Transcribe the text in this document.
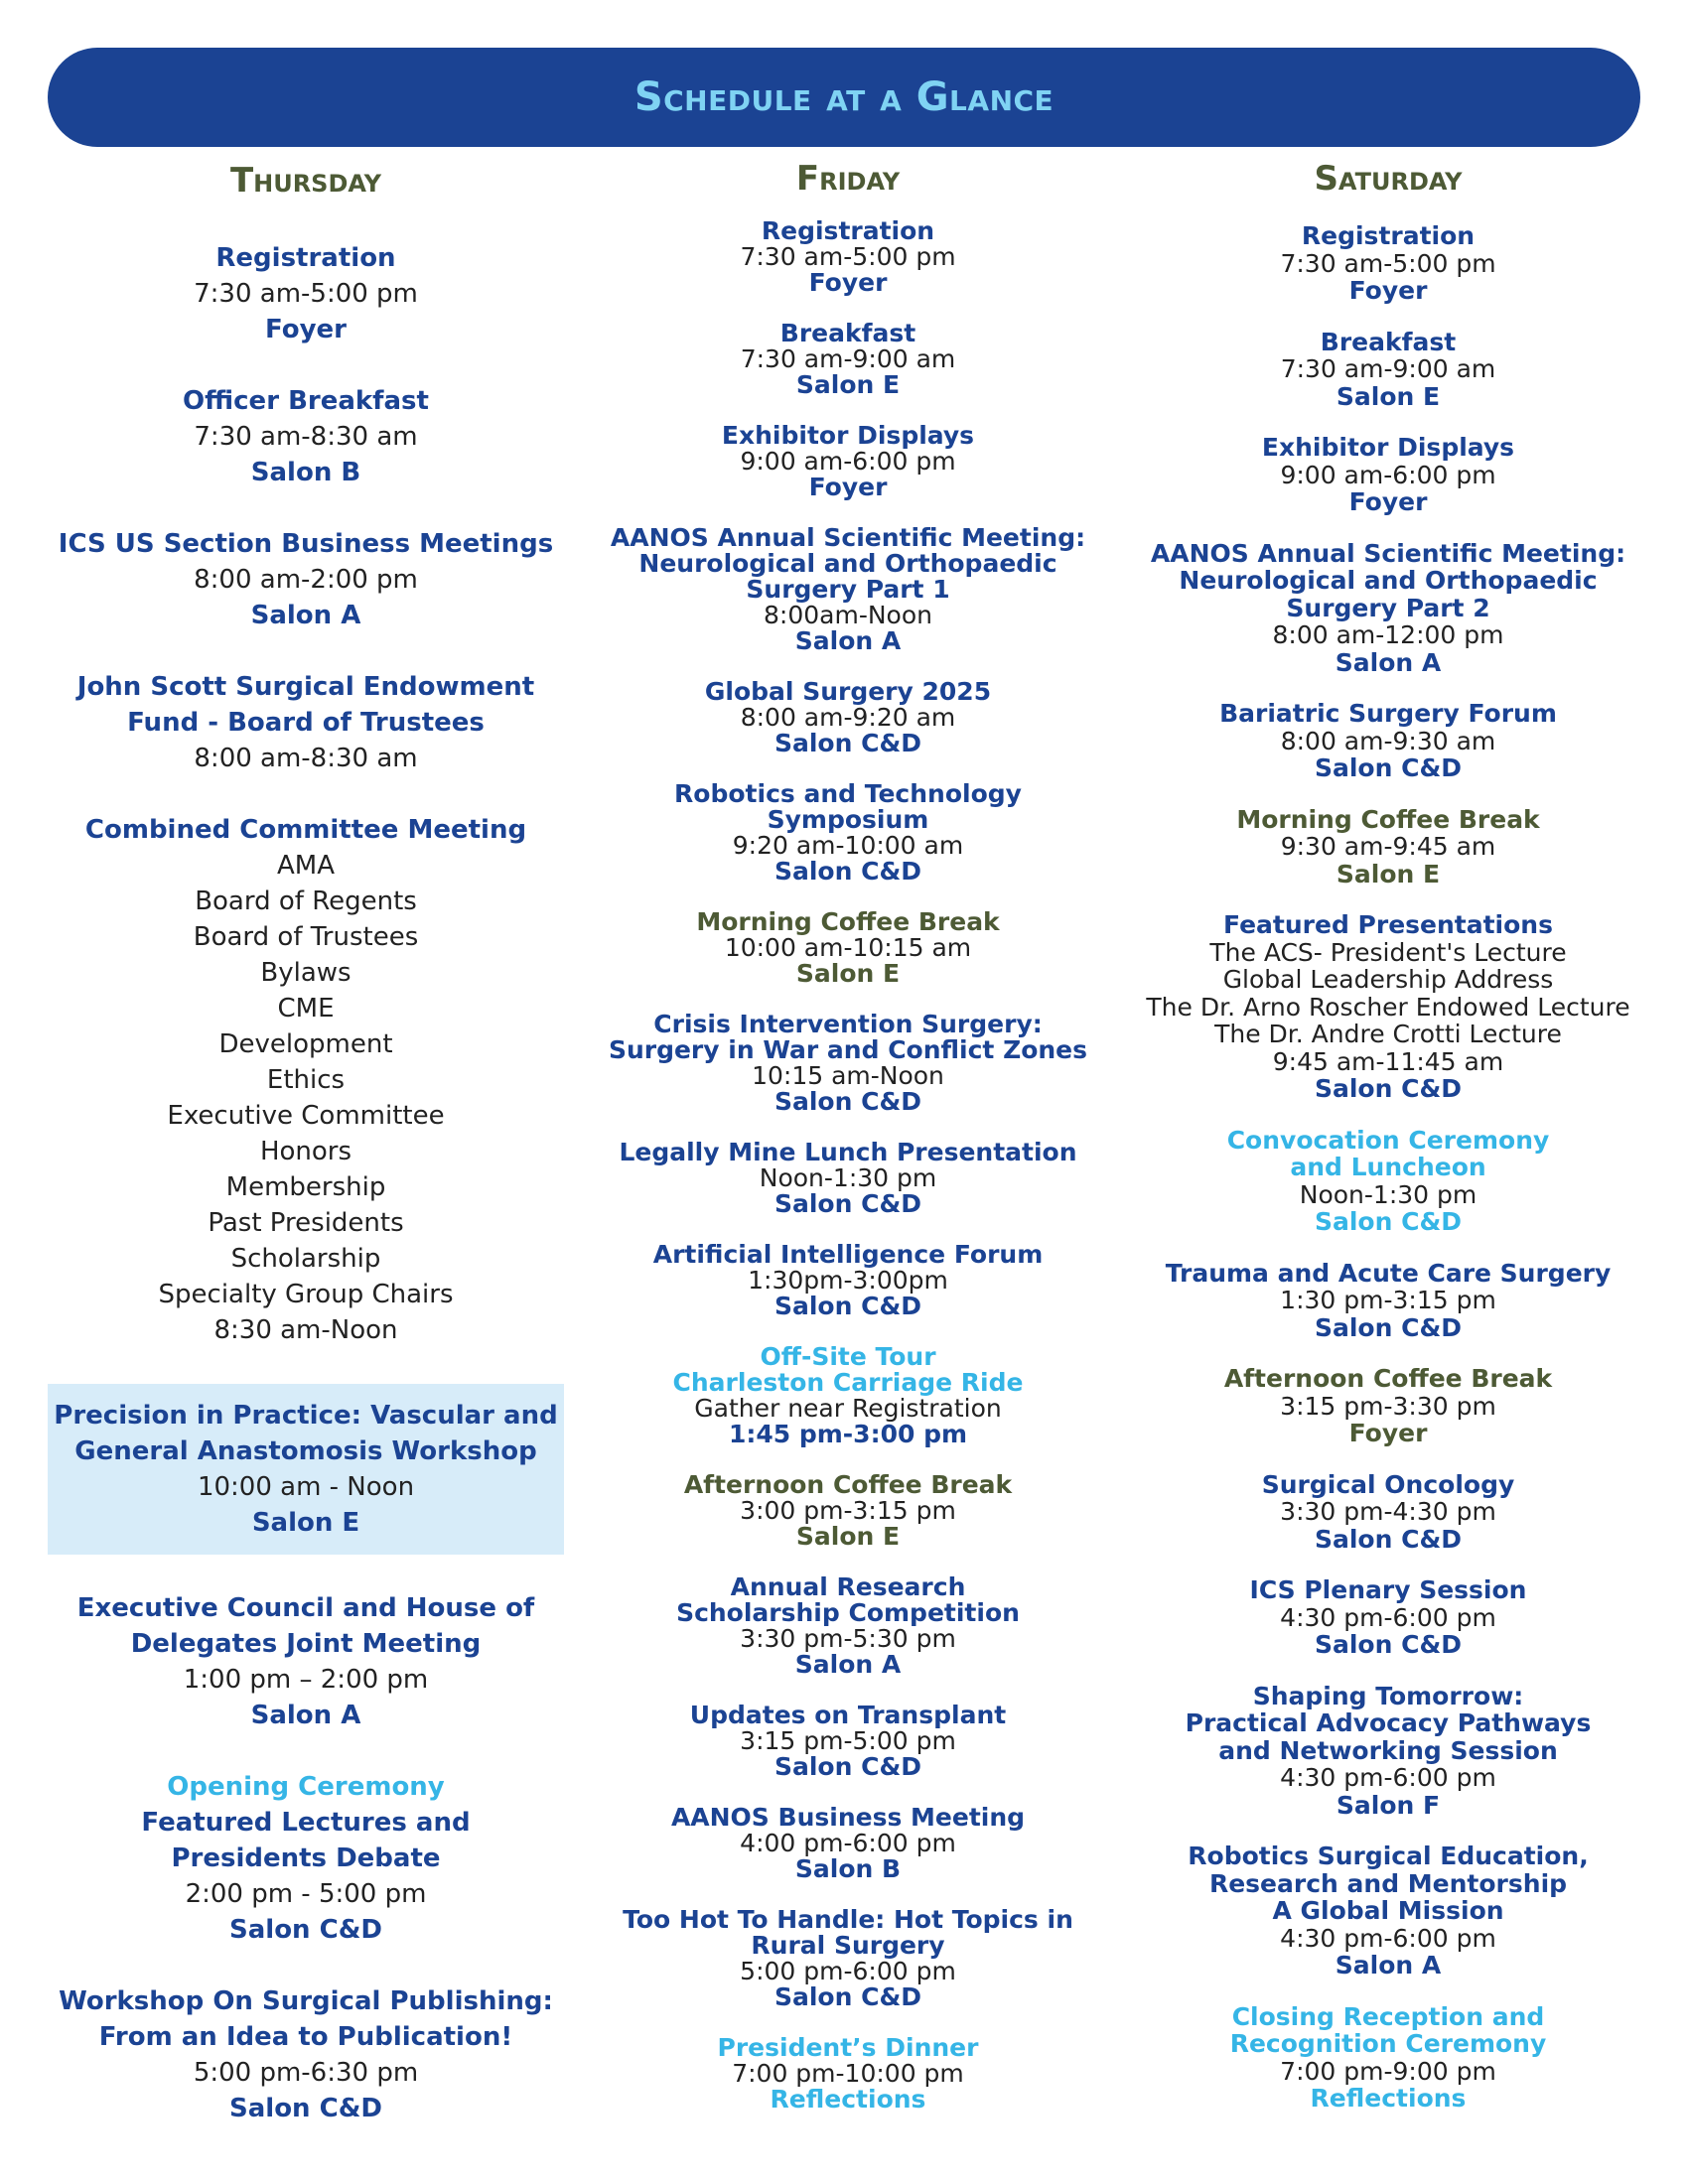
Schedule at a Glance
Thursday
Registration
7:30 am-5:00 pm
Foyer
Officer Breakfast
7:30 am-8:30 am
Salon B
ICS US Section Business Meetings
8:00 am-2:00 pm
Salon A
John Scott Surgical Endowment
Fund - Board of Trustees
8:00 am-8:30 am
Combined Committee Meeting
AMA
Board of Regents
Board of Trustees
Bylaws
CME
Development
Ethics
Executive Committee
Honors
Membership
Past Presidents
Scholarship
Specialty Group Chairs
8:30 am-Noon
Precision in Practice: Vascular and
General Anastomosis Workshop
10:00 am - Noon
Salon E
Executive Council and House of
Delegates Joint Meeting
1:00 pm – 2:00 pm
Salon A
Opening Ceremony
Featured Lectures and
Presidents Debate
2:00 pm - 5:00 pm
Salon C&D
Workshop On Surgical Publishing:
From an Idea to Publication!
5:00 pm-6:30 pm
Salon C&D
Friday
Registration
7:30 am-5:00 pm
Foyer
Breakfast
7:30 am-9:00 am
Salon E
Exhibitor Displays
9:00 am-6:00 pm
Foyer
AANOS Annual Scientific Meeting:
Neurological and Orthopaedic
Surgery Part 1
8:00am-Noon
Salon A
Global Surgery 2025
8:00 am-9:20 am
Salon C&D
Robotics and Technology
Symposium
9:20 am-10:00 am
Salon C&D
Morning Coffee Break
10:00 am-10:15 am
Salon E
Crisis Intervention Surgery:
Surgery in War and Conflict Zones
10:15 am-Noon
Salon C&D
Legally Mine Lunch Presentation
Noon-1:30 pm
Salon C&D
Artificial Intelligence Forum
1:30pm-3:00pm
Salon C&D
Off-Site Tour
Charleston Carriage Ride
Gather near Registration
1:45 pm-3:00 pm
Afternoon Coffee Break
3:00 pm-3:15 pm
Salon E
Annual Research
Scholarship Competition
3:30 pm-5:30 pm
Salon A
Updates on Transplant
3:15 pm-5:00 pm
Salon C&D
AANOS Business Meeting
4:00 pm-6:00 pm
Salon B
Too Hot To Handle: Hot Topics in
Rural Surgery
5:00 pm-6:00 pm
Salon C&D
President’s Dinner
7:00 pm-10:00 pm
Reflections
Saturday
Registration
7:30 am-5:00 pm
Foyer
Breakfast
7:30 am-9:00 am
Salon E
Exhibitor Displays
9:00 am-6:00 pm
Foyer
AANOS Annual Scientific Meeting:
Neurological and Orthopaedic
Surgery Part 2
8:00 am-12:00 pm
Salon A
Bariatric Surgery Forum
8:00 am-9:30 am
Salon C&D
Morning Coffee Break
9:30 am-9:45 am
Salon E
Featured Presentations
The ACS- President's Lecture
Global Leadership Address
The Dr. Arno Roscher Endowed Lecture
The Dr. Andre Crotti Lecture
9:45 am-11:45 am
Salon C&D
Convocation Ceremony
and Luncheon
Noon-1:30 pm
Salon C&D
Trauma and Acute Care Surgery
1:30 pm-3:15 pm
Salon C&D
Afternoon Coffee Break
3:15 pm-3:30 pm
Foyer
Surgical Oncology
3:30 pm-4:30 pm
Salon C&D
ICS Plenary Session
4:30 pm-6:00 pm
Salon C&D
Shaping Tomorrow:
Practical Advocacy Pathways
and Networking Session
4:30 pm-6:00 pm
Salon F
Robotics Surgical Education,
Research and Mentorship
A Global Mission
4:30 pm-6:00 pm
Salon A
Closing Reception and
Recognition Ceremony
7:00 pm-9:00 pm
Reflections
